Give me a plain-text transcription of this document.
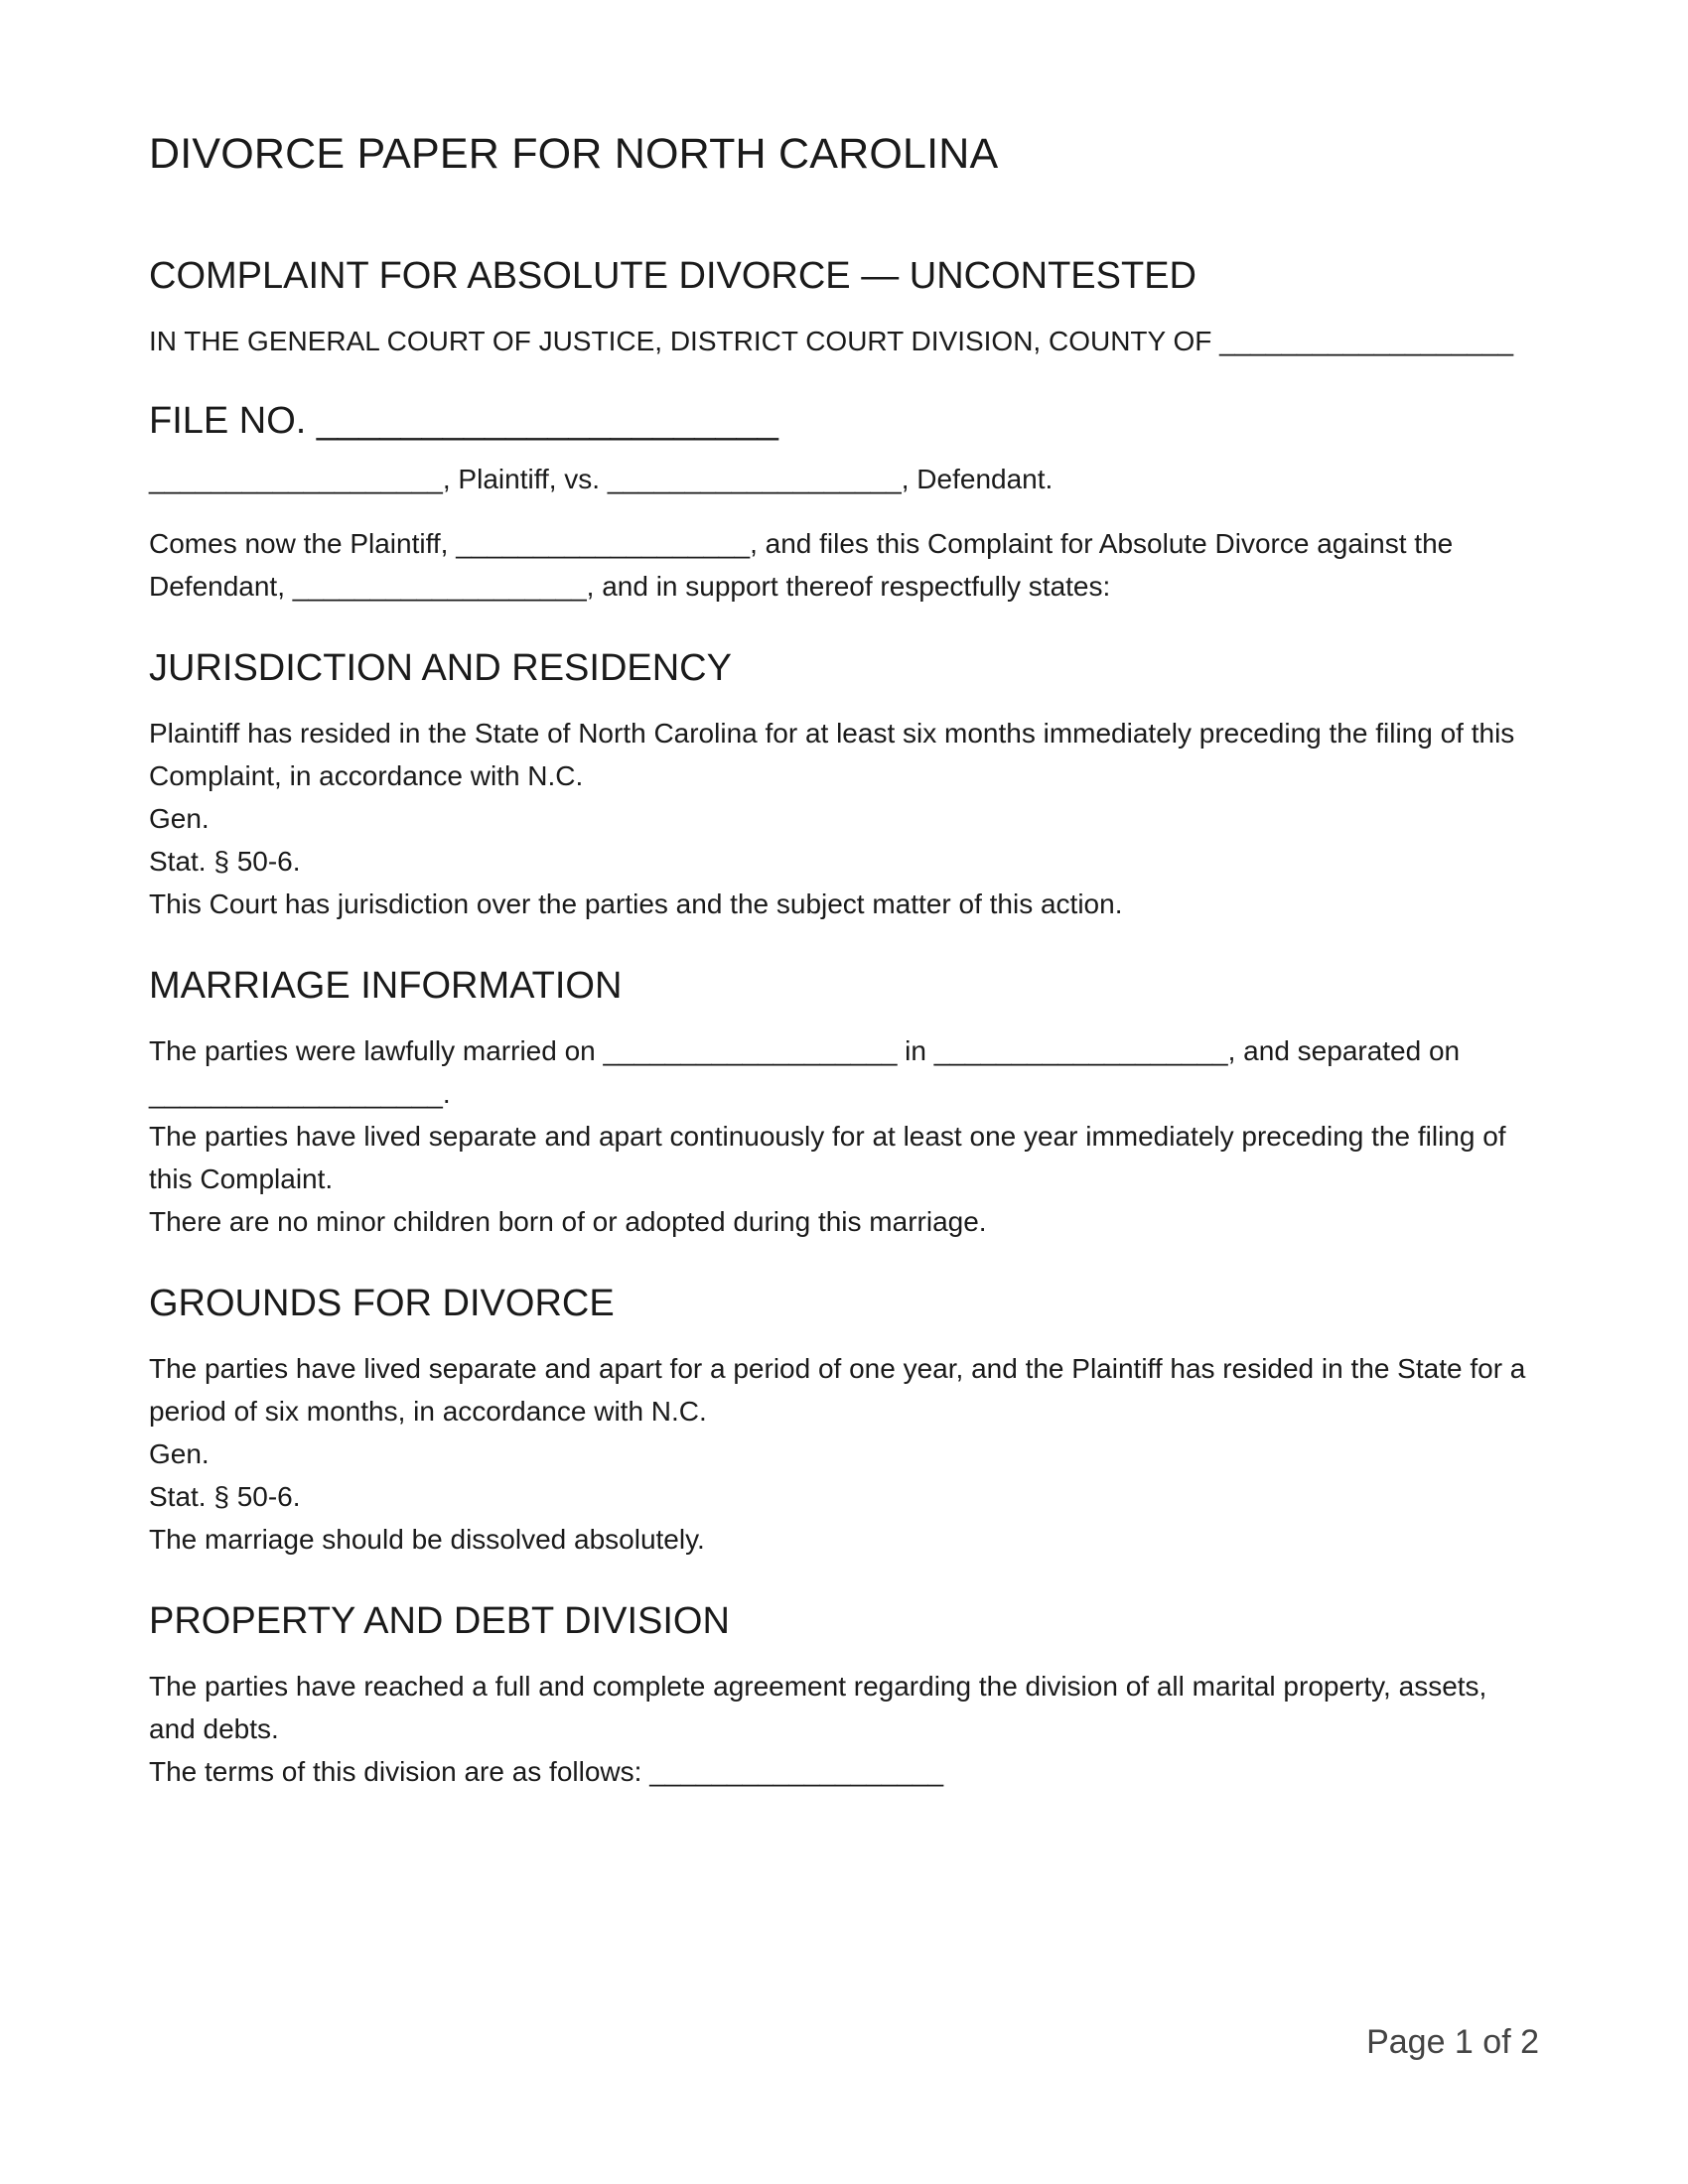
DIVORCE PAPER FOR NORTH CAROLINA
COMPLAINT FOR ABSOLUTE DIVORCE — UNCONTESTED
IN THE GENERAL COURT OF JUSTICE, DISTRICT COURT DIVISION, COUNTY OF ___________________
FILE NO. ______________________

___________________, Plaintiff, vs. ___________________, Defendant.

Comes now the Plaintiff, ___________________, and files this Complaint for Absolute Divorce against the Defendant, ___________________, and in support thereof respectfully states:

JURISDICTION AND RESIDENCY

Plaintiff has resided in the State of North Carolina for at least six months immediately preceding the filing of this Complaint, in accordance with N.C.

Gen.

Stat. § 50-6.

This Court has jurisdiction over the parties and the subject matter of this action.

MARRIAGE INFORMATION

The parties were lawfully married on ___________________ in ___________________, and separated on ___________________.

The parties have lived separate and apart continuously for at least one year immediately preceding the filing of this Complaint.

There are no minor children born of or adopted during this marriage.

GROUNDS FOR DIVORCE

The parties have lived separate and apart for a period of one year, and the Plaintiff has resided in the State for a period of six months, in accordance with N.C.

Gen.

Stat. § 50-6.

The marriage should be dissolved absolutely.

PROPERTY AND DEBT DIVISION

The parties have reached a full and complete agreement regarding the division of all marital property, assets, and debts.

The terms of this division are as follows: ___________________

Page 1 of 2
